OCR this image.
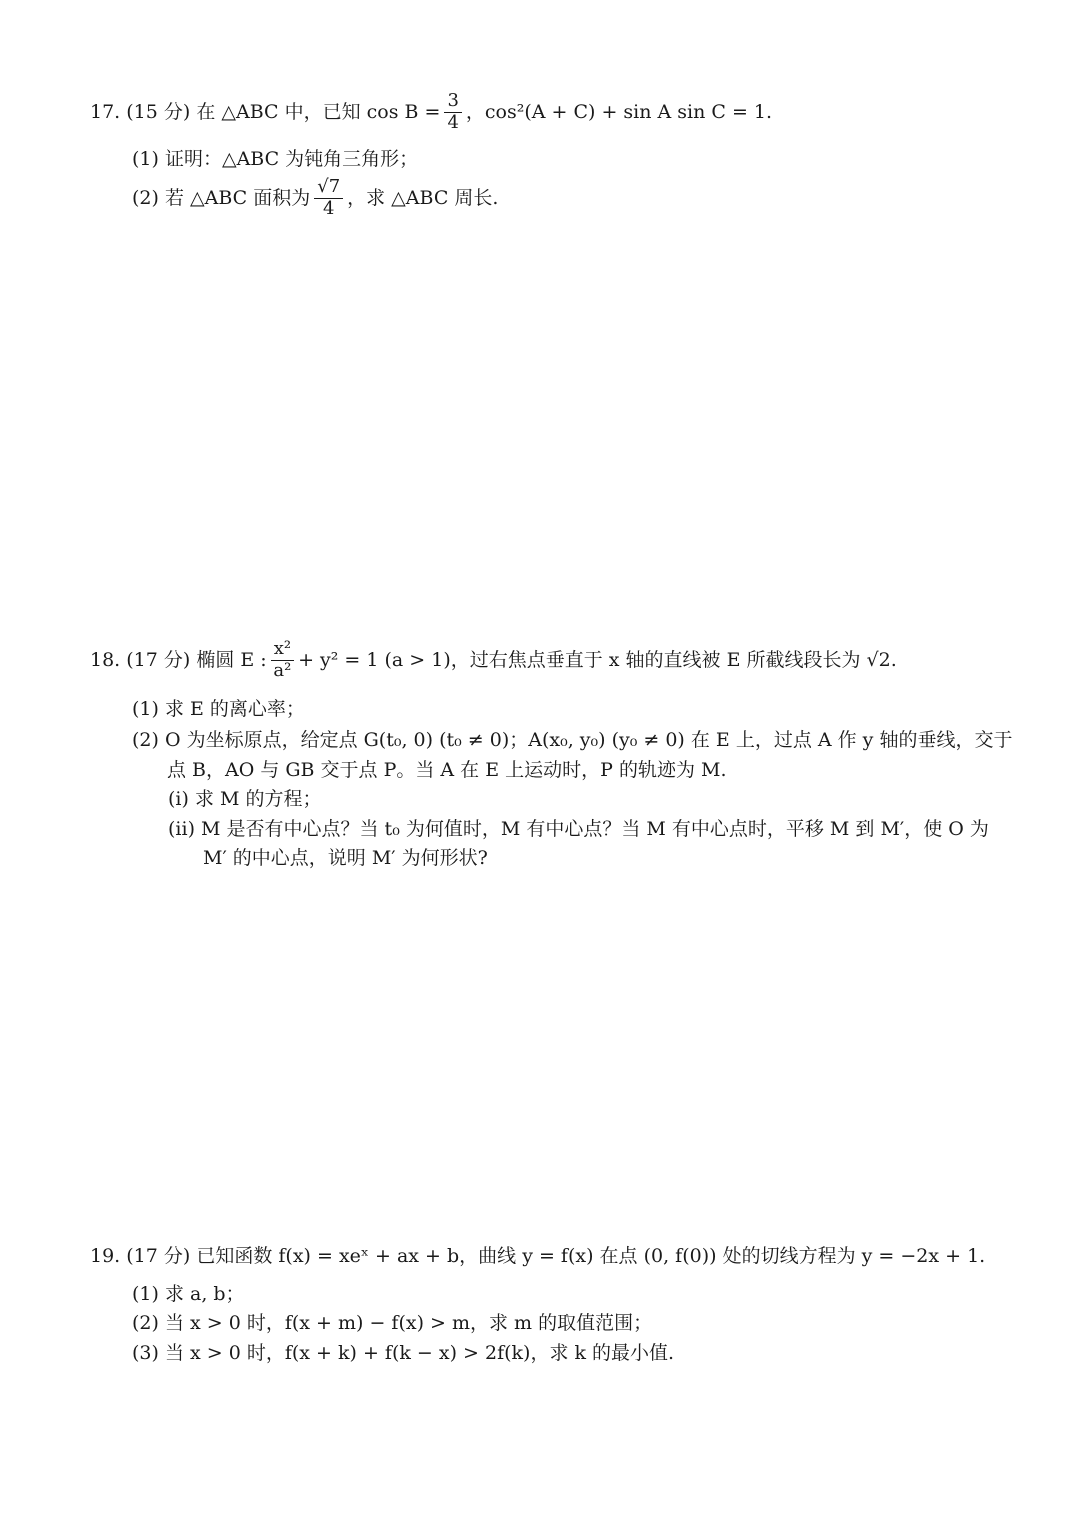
17. (15 分) 在 △ABC 中，已知 $\cos B = \frac{3}{4}$ ，cos²(A + C) + sin A sin C = 1.
(1) 证明：△ABC 为钝角三角形；
(2) 若 △ABC 面积为 $\frac{√7}{4}$ ，求 △ABC 周长.
18. (17 分) 椭圆 E : $\frac{\text{x²}}{\text{a²}} + y^2 = 1$ (a > 1)，过右焦点垂直于 x 轴的直线被 E 所截线段长为 √2.
(1) 求 E 的离心率；
(2) O 为坐标原点，给定点 G(t₀, 0) (t₀ ≠ 0)；A(x₀, y₀) (y₀ ≠ 0) 在 E 上，过点 A 作 y 轴的垂线，交于
点 B，AO 与 GB 交于点 P。当 A 在 E 上运动时，P 的轨迹为 M.
(i) 求 M 的方程；
(ii) M 是否有中心点？当 t₀ 为何值时，M 有中心点？当 M 有中心点时，平移 M 到 M′，使 O 为
M′ 的中心点，说明 M′ 为何形状?
19. (17 分) 已知函数 f(x) = xeˣ + ax + b，曲线 y = f(x) 在点 (0, f(0)) 处的切线方程为 y = −2x + 1.
(1) 求 a, b；
(2) 当 x > 0 时，f(x + m) − f(x) > m，求 m 的取值范围；
(3) 当 x > 0 时，f(x + k) + f(k − x) > 2f(k)，求 k 的最小值.
